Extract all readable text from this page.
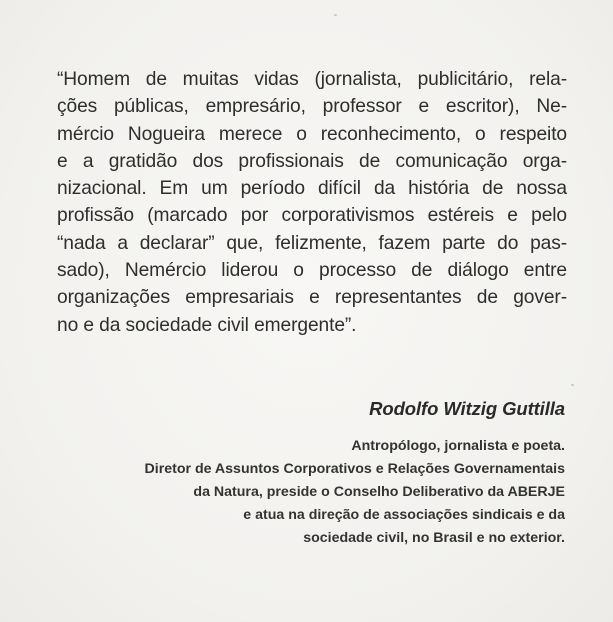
“Homem de muitas vidas (jornalista, publicitário, rela-
ções públicas, empresário, professor e escritor), Ne-
mércio Nogueira merece o reconhecimento, o respeito
e a gratidão dos profissionais de comunicação orga-
nizacional. Em um período difícil da história de nossa
profissão (marcado por corporativismos estéreis e pelo
“nada a declarar” que, felizmente, fazem parte do pas-
sado), Nemércio liderou o processo de diálogo entre
organizações empresariais e representantes de gover-
no e da sociedade civil emergente”.
Rodolfo Witzig Guttilla
Antropólogo, jornalista e poeta.
Diretor de Assuntos Corporativos e Relações Governamentais
da Natura, preside o Conselho Deliberativo da ABERJE
e atua na direção de associações sindicais e da
sociedade civil, no Brasil e no exterior.
